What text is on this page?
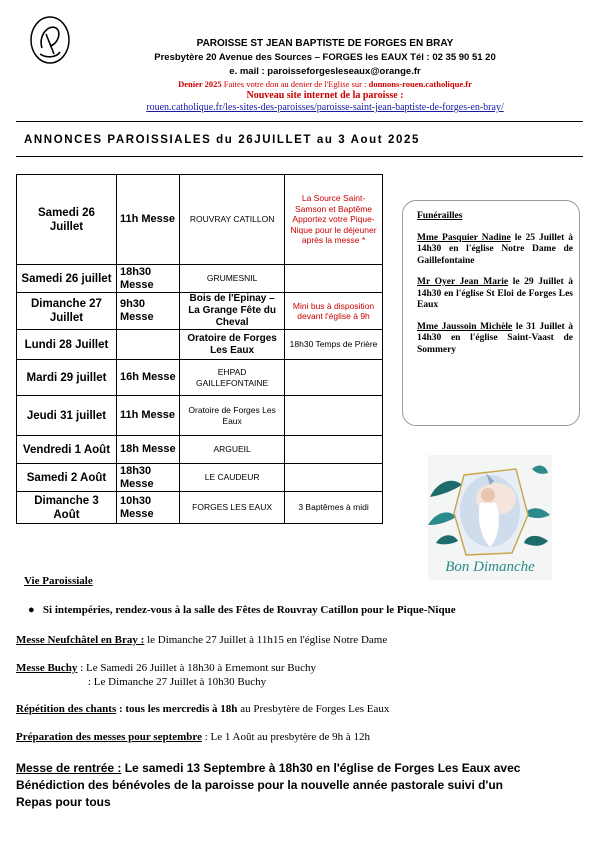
PAROISSE ST JEAN BAPTISTE DE FORGES EN BRAY
Presbytère 20 Avenue des Sources – FORGES les EAUX Tél : 02 35 90 51 20
e. mail : paroisseforgesleseaux@orange.fr
Denier 2025 Faites votre don au denier de l'Eglise sur : donnons-rouen.catholique.fr
Nouveau site internet de la paroisse :
rouen.catholique.fr/les-sites-des-paroisses/paroisse-saint-jean-baptiste-de-forges-en-bray/
ANNONCES PAROISSIALES du 26JUILLET au 3 Aout 2025
Samedi 26 Juillet	11h Messe	ROUVRAY CATILLON	La Source Saint-Samson et Baptême Apportez votre Pique-Nique pour le déjeuner après la messe *
Samedi 26 juillet	18h30 Messe	GRUMESNIL	
Dimanche 27 Juillet	9h30 Messe	Bois de l'Epinay – La Grange Fête du Cheval	Mini bus à disposition devant l'église à 9h
Lundi 28 Juillet		Oratoire de Forges Les Eaux	18h30 Temps de Prière
Mardi 29 juillet	16h Messe	EHPAD GAILLEFONTAINE	
Jeudi 31 juillet	11h Messe	Oratoire de Forges Les Eaux	
Vendredi 1 Août	18h Messe	ARGUEIL	
Samedi 2 Août	18h30 Messe	LE CAUDEUR	
Dimanche 3 Août	10h30 Messe	FORGES LES EAUX	3 Baptêmes à midi

Funérailles

Mme Pasquier Nadine le 25 Juillet à 14h30 en l'église Notre Dame de Gaillefontaine

Mr Oyer Jean Marie le 29 Juillet à 14h30 en l'église St Eloi de Forges Les Eaux

Mme Jaussoin Michèle le 31 Juillet à 14h30 en l'église Saint-Vaast de Sommery

Bon Dimanche
Vie Paroissiale
● Si intempéries, rendez-vous à la salle des Fêtes de Rouvray Catillon pour le Pique-Nique
Messe Neufchâtel en Bray : le Dimanche 27 Juillet à 11h15 en l'église Notre Dame
Messe Buchy : Le Samedi 26 Juillet à 18h30 à Ernemont sur Buchy
: Le Dimanche 27 Juillet à 10h30 Buchy
Répétition des chants : tous les mercredis à 18h au Presbytère de Forges Les Eaux
Préparation des messes pour septembre : Le 1 Août au presbytère de 9h à 12h
Messe de rentrée : Le samedi 13 Septembre à 18h30 en l'église de Forges Les Eaux avec Bénédiction des bénévoles de la paroisse pour la nouvelle année pastorale suivi d'un Repas pour tous
